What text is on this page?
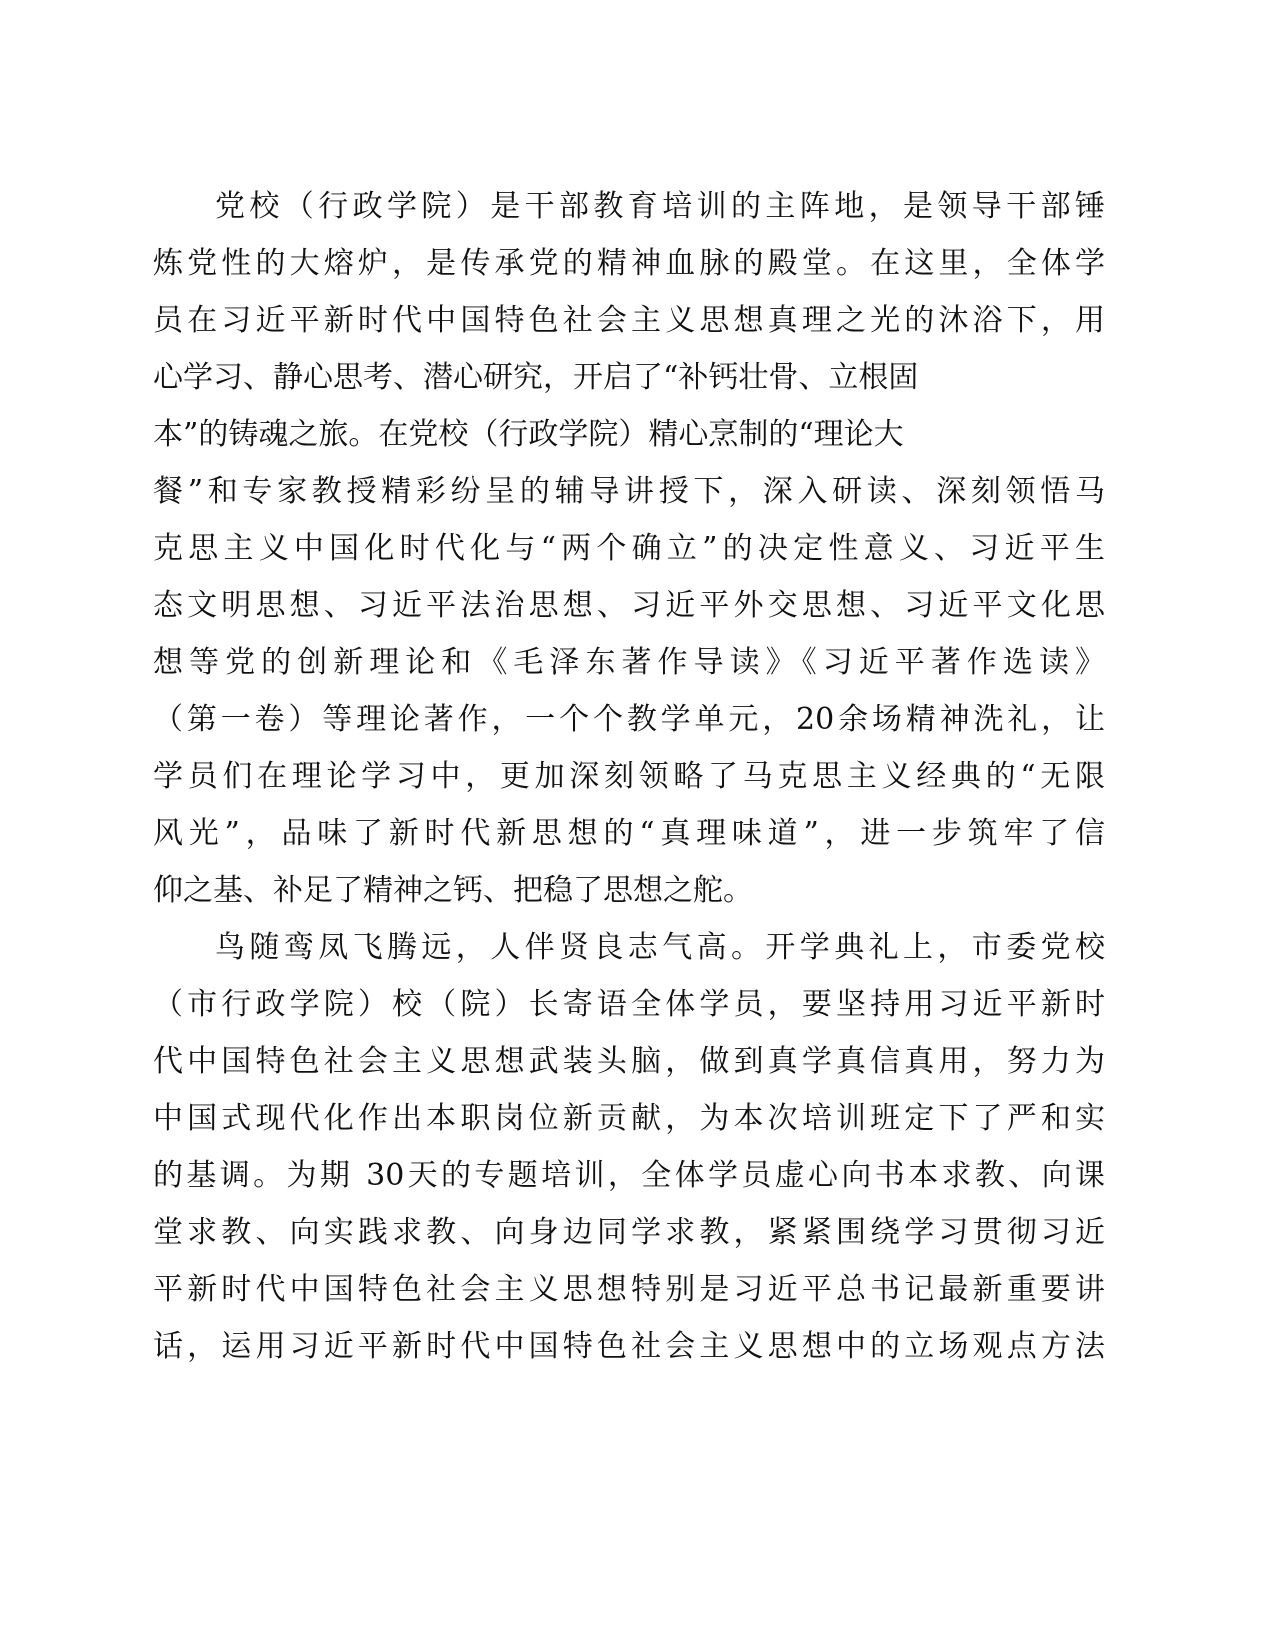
党校（行政学院）是干部教育培训的主阵地，是领导干部锤
炼党性的大熔炉，是传承党的精神血脉的殿堂。在这里，全体学
员在习近平新时代中国特色社会主义思想真理之光的沐浴下，用
心学习、静心思考、潜心研究，开启了“补钙壮骨、立根固
本”的铸魂之旅。在党校（行政学院）精心烹制的“理论大
餐”和专家教授精彩纷呈的辅导讲授下，深入研读、深刻领悟马
克思主义中国化时代化与“两个确立”的决定性意义、习近平生
态文明思想、习近平法治思想、习近平外交思想、习近平文化思
想等党的创新理论和《毛泽东著作导读》《习近平著作选读》
（第一卷）等理论著作，一个个教学单元，20余场精神洗礼，让
学员们在理论学习中，更加深刻领略了马克思主义经典的“无限
风光”，品味了新时代新思想的“真理味道”，进一步筑牢了信
仰之基、补足了精神之钙、把稳了思想之舵。
鸟随鸾凤飞腾远，人伴贤良志气高。开学典礼上，市委党校
（市行政学院）校（院）长寄语全体学员，要坚持用习近平新时
代中国特色社会主义思想武装头脑，做到真学真信真用，努力为
中国式现代化作出本职岗位新贡献，为本次培训班定下了严和实
的基调。为期 30天的专题培训，全体学员虚心向书本求教、向课
堂求教、向实践求教、向身边同学求教，紧紧围绕学习贯彻习近
平新时代中国特色社会主义思想特别是习近平总书记最新重要讲
话，运用习近平新时代中国特色社会主义思想中的立场观点方法
